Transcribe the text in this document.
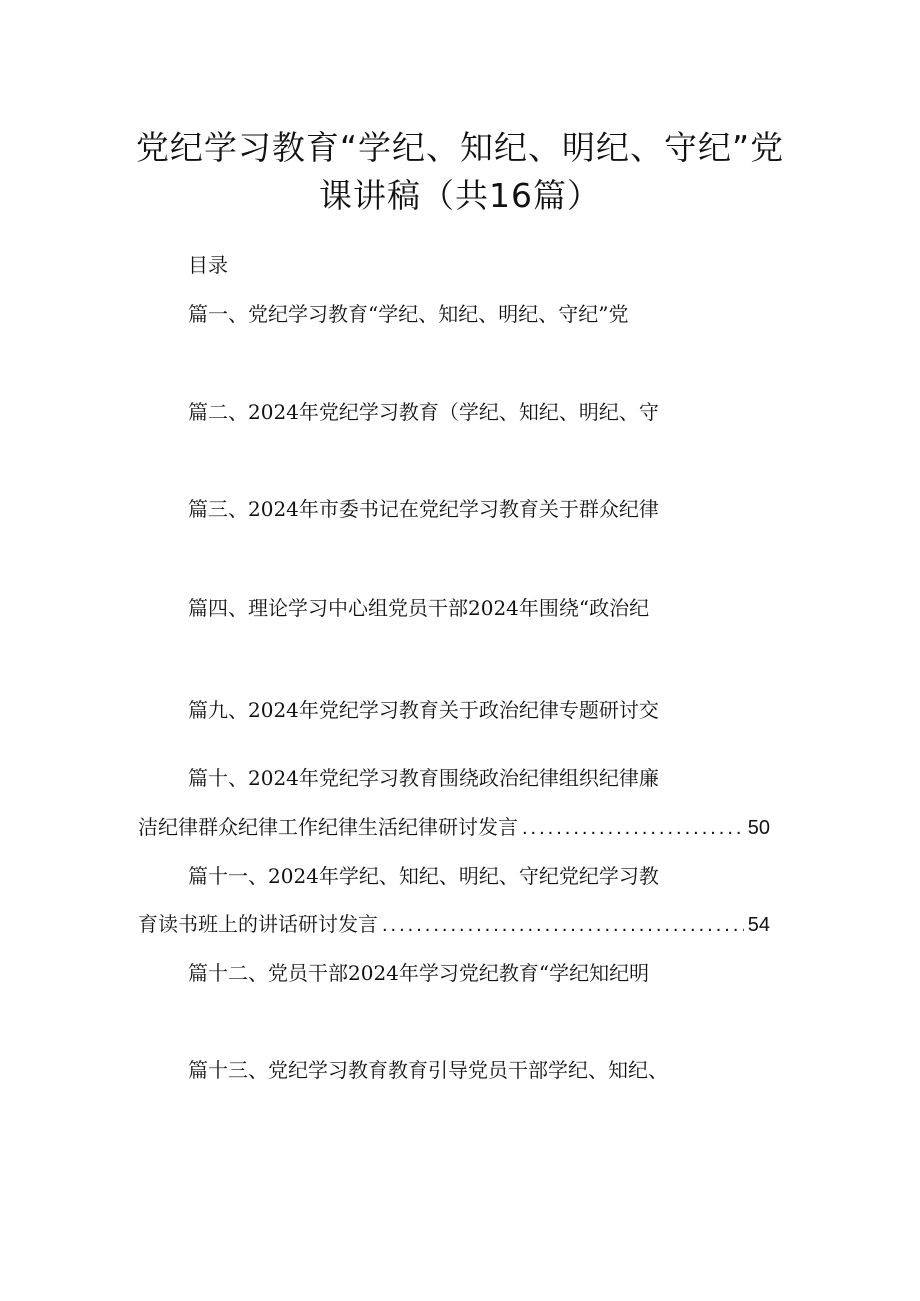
党纪学习教育“学纪、知纪、明纪、守纪”党
课讲稿（共16篇）
目录
篇一、党纪学习教育“学纪、知纪、明纪、守纪”党
篇二、2024年党纪学习教育（学纪、知纪、明纪、守
篇三、2024年市委书记在党纪学习教育关于群众纪律
篇四、理论学习中心组党员干部2024年围绕“政治纪
篇九、2024年党纪学习教育关于政治纪律专题研讨交
篇十、2024年党纪学习教育围绕政治纪律组织纪律廉
洁纪律群众纪律工作纪律生活纪律研讨发言 .....	50
篇十一、2024年学纪、知纪、明纪、守纪党纪学习教
育读书班上的讲话研讨发言 .....	54
篇十二、党员干部2024年学习党纪教育“学纪知纪明
篇十三、党纪学习教育教育引导党员干部学纪、知纪、
